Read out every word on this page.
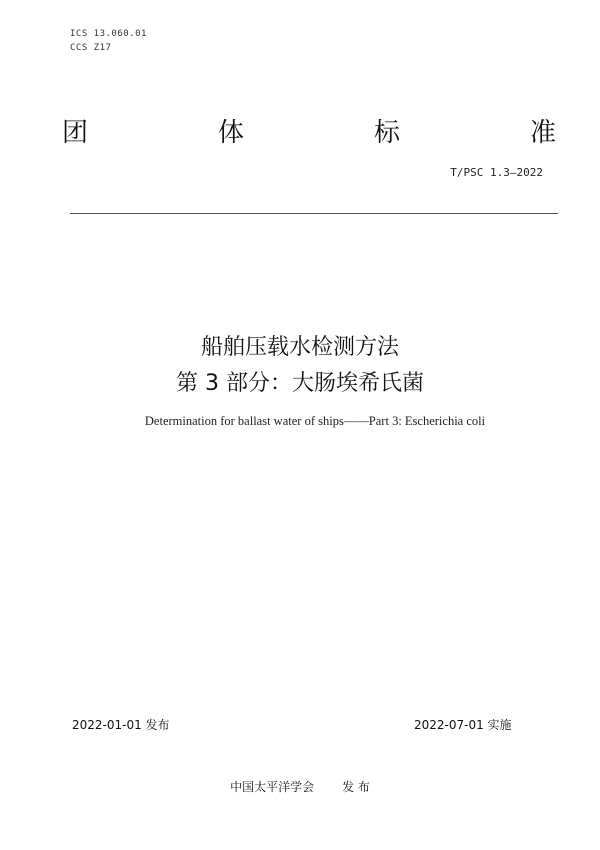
ICS 13.060.01
CCS Z17
团	体	标	准
T/PSC 1.3—2022
船舶压载水检测方法
第 3 部分：大肠埃希氏菌
Determination for ballast water of ships——Part 3: Escherichia coli
2022-01-01 发布	2022-07-01 实施
中国太平洋学会 发 布
